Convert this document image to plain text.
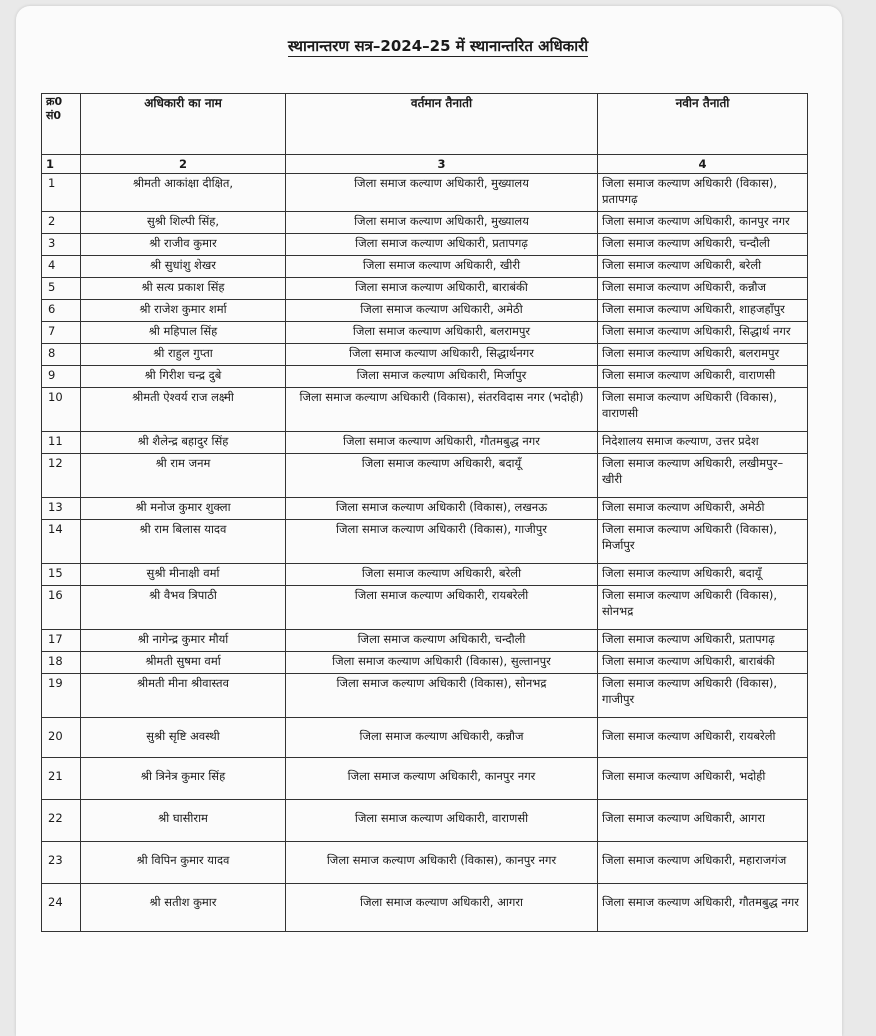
स्थानान्तरण सत्र–2024–25 में स्थानान्तरित अधिकारी
क्र0 सं0	अधिकारी का नाम	वर्तमान तैनाती	नवीन तैनाती
1	2	3	4
1	श्रीमती आकांक्षा दीक्षित,	जिला समाज कल्याण अधिकारी, मुख्यालय	जिला समाज कल्याण अधिकारी (विकास), प्रतापगढ़
2	सुश्री शिल्पी सिंह,	जिला समाज कल्याण अधिकारी, मुख्यालय	जिला समाज कल्याण अधिकारी, कानपुर नगर
3	श्री राजीव कुमार	जिला समाज कल्याण अधिकारी, प्रतापगढ़	जिला समाज कल्याण अधिकारी, चन्दौली
4	श्री सुधांशु शेखर	जिला समाज कल्याण अधिकारी, खीरी	जिला समाज कल्याण अधिकारी, बरेली
5	श्री सत्य प्रकाश सिंह	जिला समाज कल्याण अधिकारी, बाराबंकी	जिला समाज कल्याण अधिकारी, कन्नौज
6	श्री राजेश कुमार शर्मा	जिला समाज कल्याण अधिकारी, अमेठी	जिला समाज कल्याण अधिकारी, शाहजहाँपुर
7	श्री महिपाल सिंह	जिला समाज कल्याण अधिकारी, बलरामपुर	जिला समाज कल्याण अधिकारी, सिद्धार्थ नगर
8	श्री राहुल गुप्ता	जिला समाज कल्याण अधिकारी, सिद्धार्थनगर	जिला समाज कल्याण अधिकारी, बलरामपुर
9	श्री गिरीश चन्द्र दुबे	जिला समाज कल्याण अधिकारी, मिर्जापुर	जिला समाज कल्याण अधिकारी, वाराणसी
10	श्रीमती ऐश्वर्य राज लक्ष्मी	जिला समाज कल्याण अधिकारी (विकास), संतरविदास नगर (भदोही)	जिला समाज कल्याण अधिकारी (विकास), वाराणसी
11	श्री शैलेन्द्र बहादुर सिंह	जिला समाज कल्याण अधिकारी, गौतमबुद्ध नगर	निदेशालय समाज कल्याण, उत्तर प्रदेश
12	श्री राम जनम	जिला समाज कल्याण अधिकारी, बदायूँ	जिला समाज कल्याण अधिकारी, लखीमपुर–खीरी
13	श्री मनोज कुमार शुक्ला	जिला समाज कल्याण अधिकारी (विकास), लखनऊ	जिला समाज कल्याण अधिकारी, अमेठी
14	श्री राम बिलास यादव	जिला समाज कल्याण अधिकारी (विकास), गाजीपुर	जिला समाज कल्याण अधिकारी (विकास), मिर्जापुर
15	सुश्री मीनाक्षी वर्मा	जिला समाज कल्याण अधिकारी, बरेली	जिला समाज कल्याण अधिकारी, बदायूँ
16	श्री वैभव त्रिपाठी	जिला समाज कल्याण अधिकारी, रायबरेली	जिला समाज कल्याण अधिकारी (विकास), सोनभद्र
17	श्री नागेन्द्र कुमार मौर्या	जिला समाज कल्याण अधिकारी, चन्दौली	जिला समाज कल्याण अधिकारी, प्रतापगढ़
18	श्रीमती सुषमा वर्मा	जिला समाज कल्याण अधिकारी (विकास), सुल्तानपुर	जिला समाज कल्याण अधिकारी, बाराबंकी
19	श्रीमती मीना श्रीवास्तव	जिला समाज कल्याण अधिकारी (विकास), सोनभद्र	जिला समाज कल्याण अधिकारी (विकास), गाजीपुर
20	सुश्री सृष्टि अवस्थी	जिला समाज कल्याण अधिकारी, कन्नौज	जिला समाज कल्याण अधिकारी, रायबरेली
21	श्री त्रिनेत्र कुमार सिंह	जिला समाज कल्याण अधिकारी, कानपुर नगर	जिला समाज कल्याण अधिकारी, भदोही
22	श्री घासीराम	जिला समाज कल्याण अधिकारी, वाराणसी	जिला समाज कल्याण अधिकारी, आगरा
23	श्री विपिन कुमार यादव	जिला समाज कल्याण अधिकारी (विकास), कानपुर नगर	जिला समाज कल्याण अधिकारी, महाराजगंज
24	श्री सतीश कुमार	जिला समाज कल्याण अधिकारी, आगरा	जिला समाज कल्याण अधिकारी, गौतमबुद्ध नगर
